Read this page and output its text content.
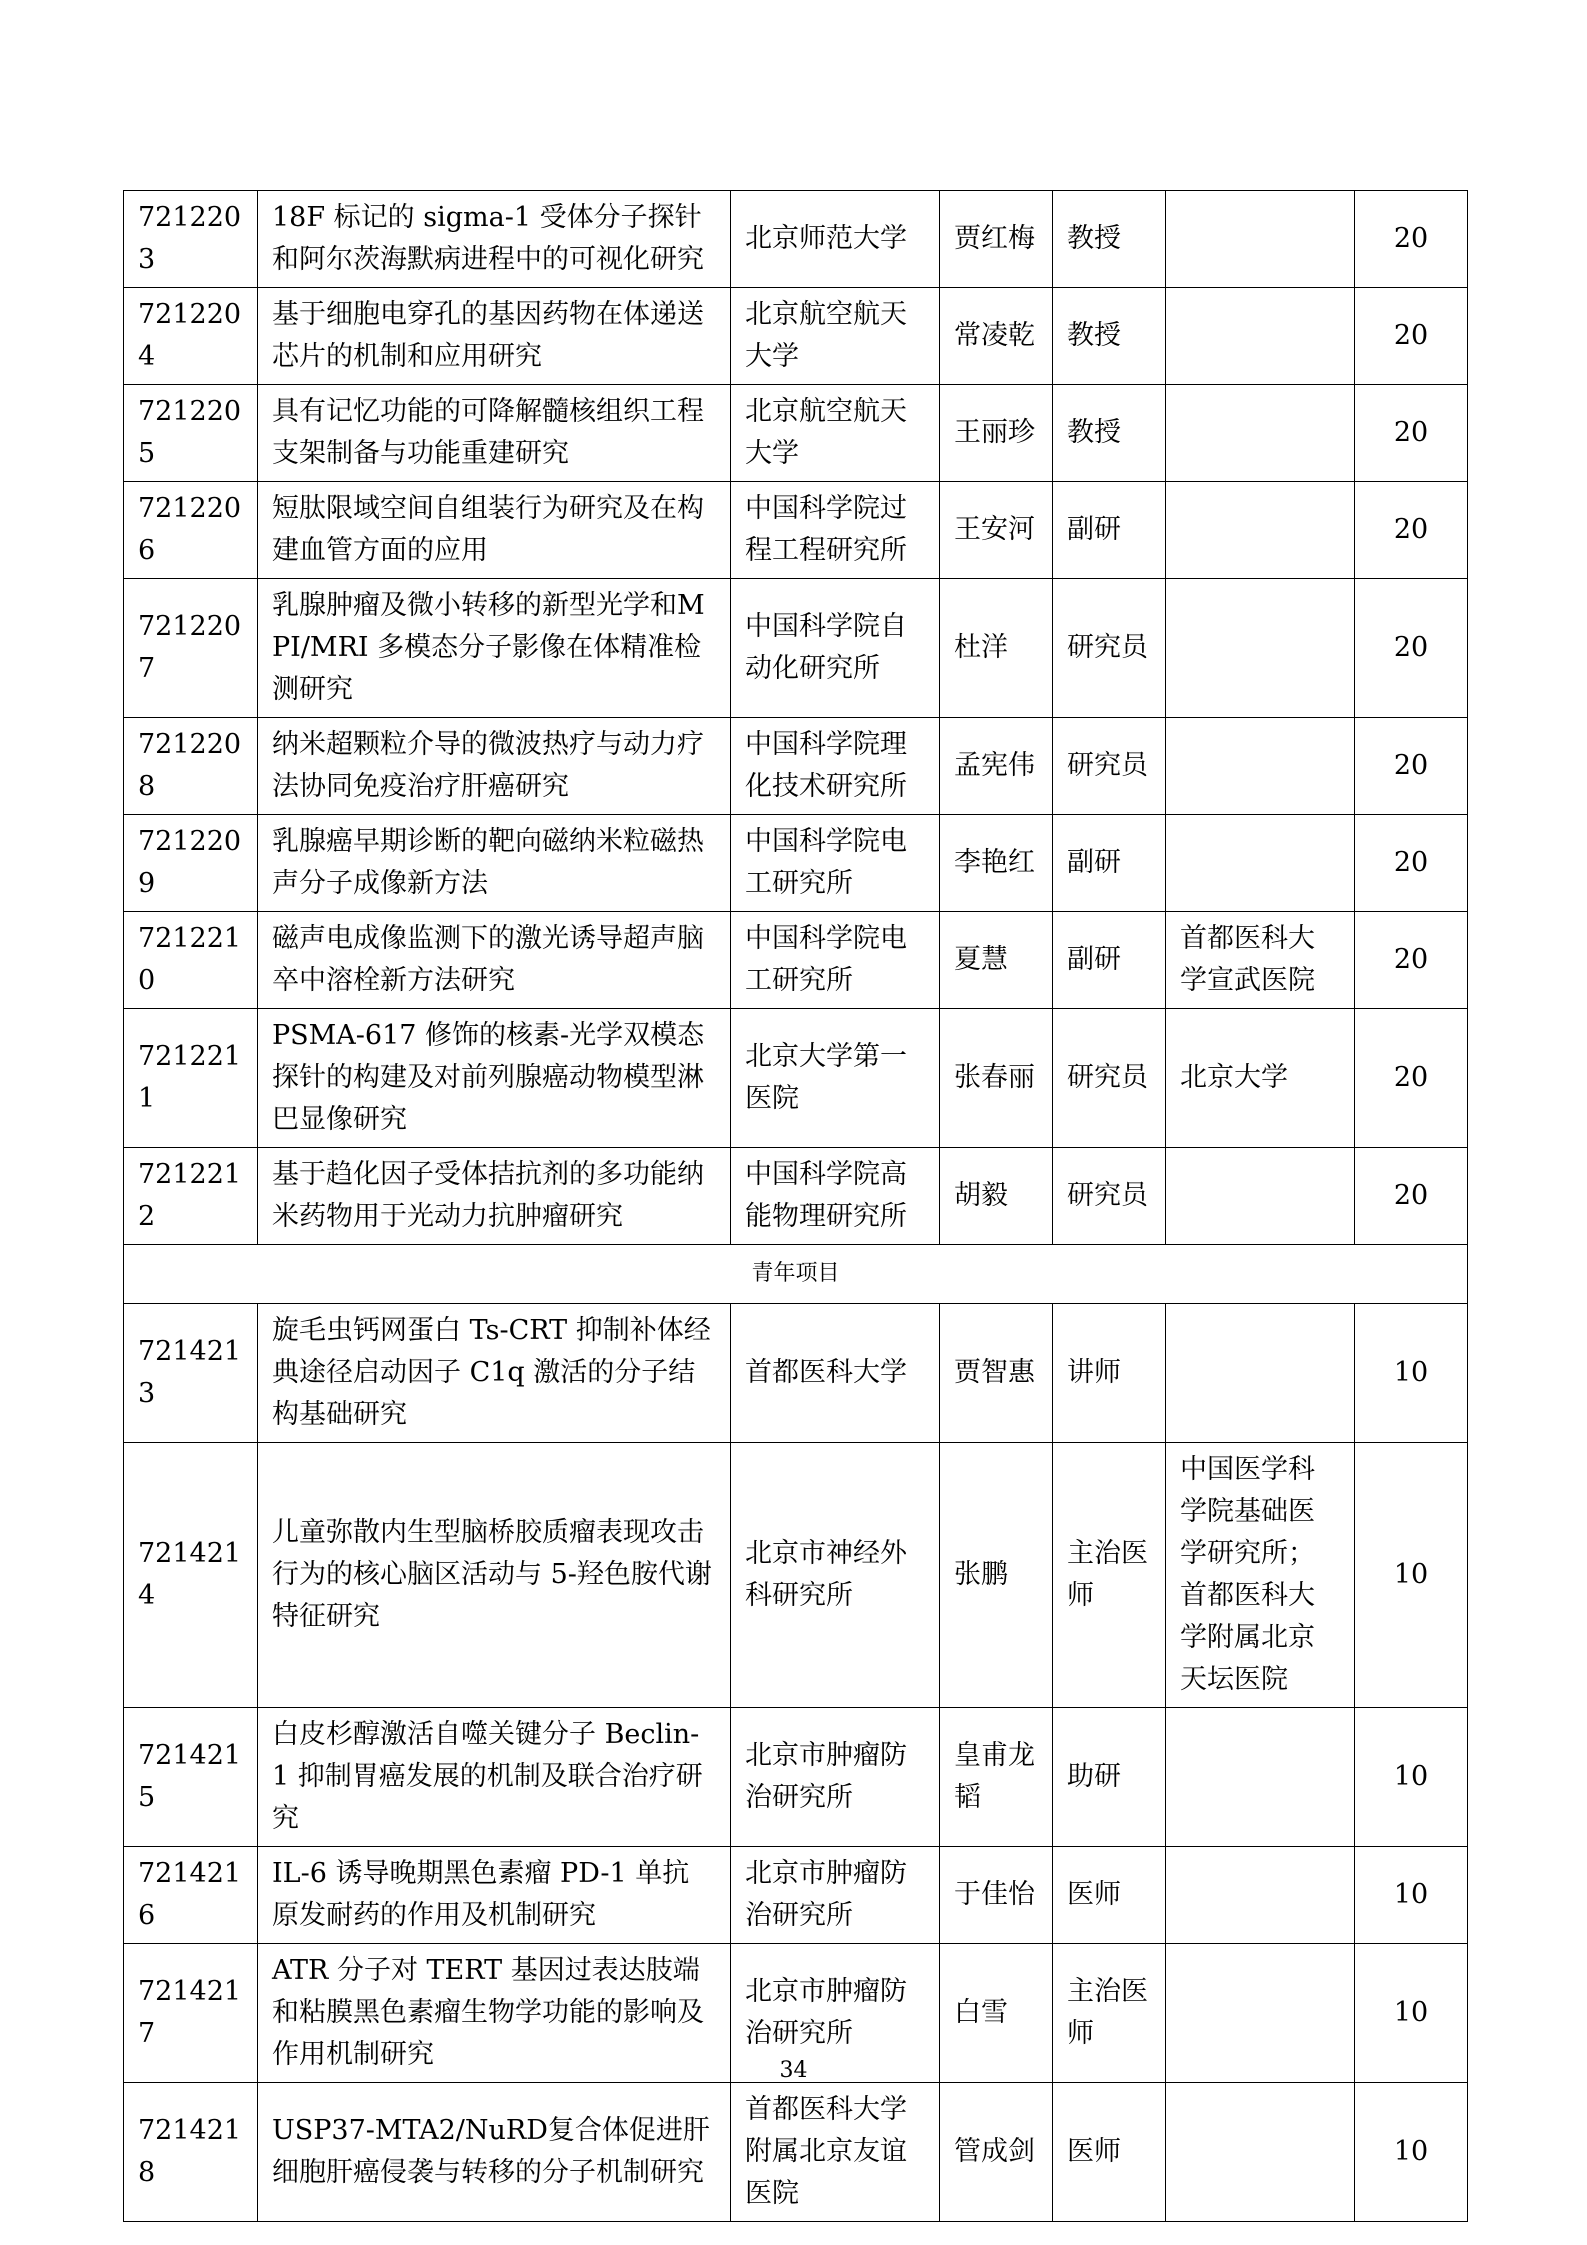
7212203	18F 标记的 sigma-1 受体分子探针和阿尔茨海默病进程中的可视化研究	北京师范大学	贾红梅	教授		20
7212204	基于细胞电穿孔的基因药物在体递送芯片的机制和应用研究	北京航空航天大学	常凌乾	教授		20
7212205	具有记忆功能的可降解髓核组织工程支架制备与功能重建研究	北京航空航天大学	王丽珍	教授		20
7212206	短肽限域空间自组装行为研究及在构建血管方面的应用	中国科学院过程工程研究所	王安河	副研		20
7212207	乳腺肿瘤及微小转移的新型光学和MPI/MRI 多模态分子影像在体精准检测研究	中国科学院自动化研究所	杜洋	研究员		20
7212208	纳米超颗粒介导的微波热疗与动力疗法协同免疫治疗肝癌研究	中国科学院理化技术研究所	孟宪伟	研究员		20
7212209	乳腺癌早期诊断的靶向磁纳米粒磁热声分子成像新方法	中国科学院电工研究所	李艳红	副研		20
7212210	磁声电成像监测下的激光诱导超声脑卒中溶栓新方法研究	中国科学院电工研究所	夏慧	副研	首都医科大学宣武医院	20
7212211	PSMA-617 修饰的核素-光学双模态探针的构建及对前列腺癌动物模型淋巴显像研究	北京大学第一医院	张春丽	研究员	北京大学	20
7212212	基于趋化因子受体拮抗剂的多功能纳米药物用于光动力抗肿瘤研究	中国科学院高能物理研究所	胡毅	研究员		20
青年项目						
7214213	旋毛虫钙网蛋白 Ts-CRT 抑制补体经典途径启动因子 C1q 激活的分子结构基础研究	首都医科大学	贾智惠	讲师		10
7214214	儿童弥散内生型脑桥胶质瘤表现攻击行为的核心脑区活动与 5-羟色胺代谢特征研究	北京市神经外科研究所	张鹏	主治医师	中国医学科学院基础医学研究所；首都医科大学附属北京天坛医院	10
7214215	白皮杉醇激活自噬关键分子 Beclin-1 抑制胃癌发展的机制及联合治疗研究	北京市肿瘤防治研究所	皇甫龙韬	助研		10
7214216	IL-6 诱导晚期黑色素瘤 PD-1 单抗原发耐药的作用及机制研究	北京市肿瘤防治研究所	于佳怡	医师		10
7214217	ATR 分子对 TERT 基因过表达肢端和粘膜黑色素瘤生物学功能的影响及作用机制研究	北京市肿瘤防治研究所	白雪	主治医师		10
7214218	USP37-MTA2/NuRD复合体促进肝细胞肝癌侵袭与转移的分子机制研究	首都医科大学附属北京友谊医院	管成剑	医师		10
34
